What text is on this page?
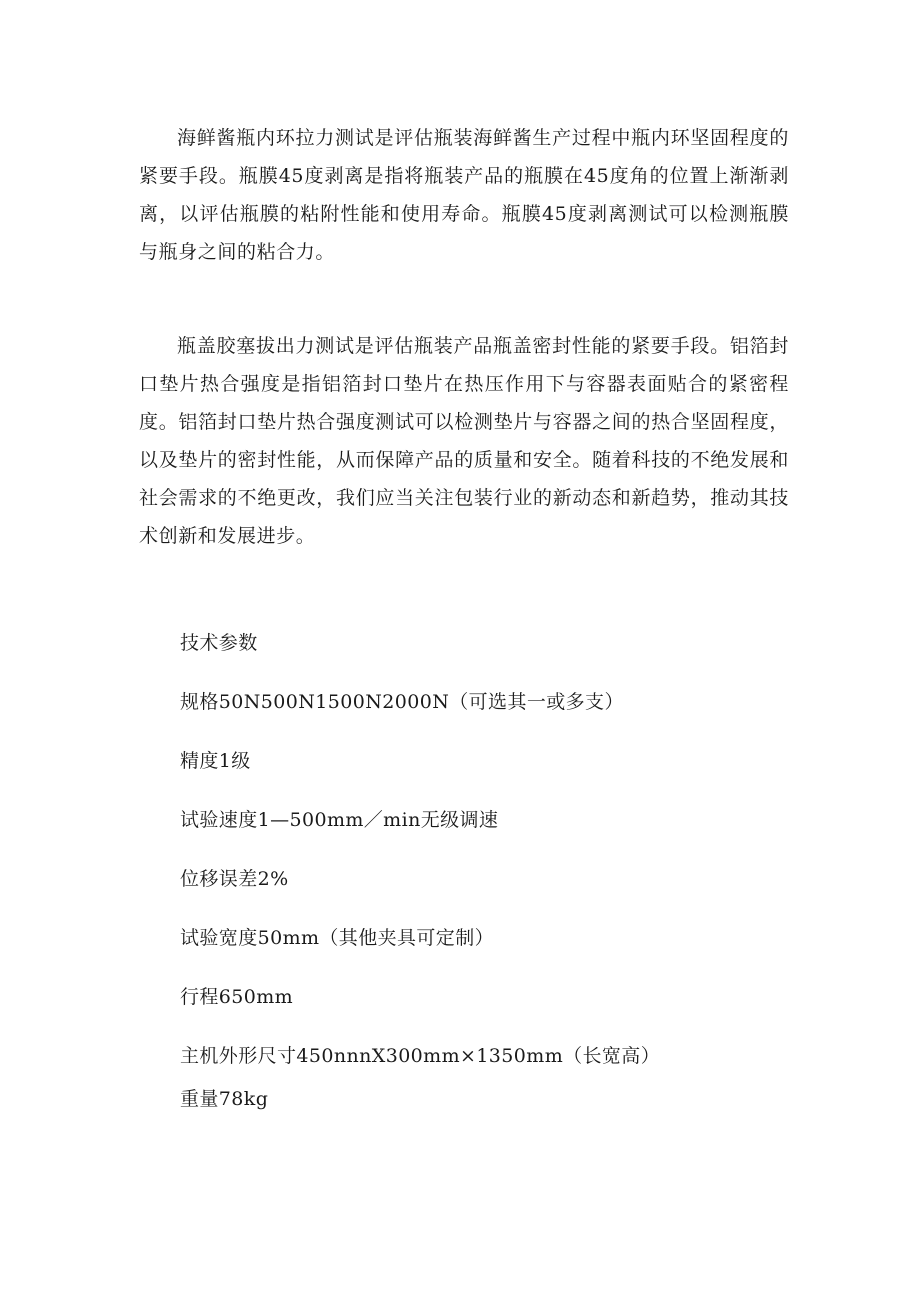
海鲜酱瓶内环拉力测试是评估瓶装海鲜酱生产过程中瓶内环坚固程度的紧要手段。瓶膜45度剥离是指将瓶装产品的瓶膜在45度角的位置上渐渐剥离，以评估瓶膜的粘附性能和使用寿命。瓶膜45度剥离测试可以检测瓶膜与瓶身之间的粘合力。

瓶盖胶塞拔出力测试是评估瓶装产品瓶盖密封性能的紧要手段。铝箔封口垫片热合强度是指铝箔封口垫片在热压作用下与容器表面贴合的紧密程度。铝箔封口垫片热合强度测试可以检测垫片与容器之间的热合坚固程度，以及垫片的密封性能，从而保障产品的质量和安全。随着科技的不绝发展和社会需求的不绝更改，我们应当关注包装行业的新动态和新趋势，推动其技术创新和发展进步。

技术参数

规格50N500N1500N2000N（可选其一或多支）

精度1级

试验速度1—500mm／min无级调速

位移误差2%

试验宽度50mm（其他夹具可定制）

行程650mm

主机外形尺寸450nnnX300mm×1350mm（长宽高）

重量78kg
